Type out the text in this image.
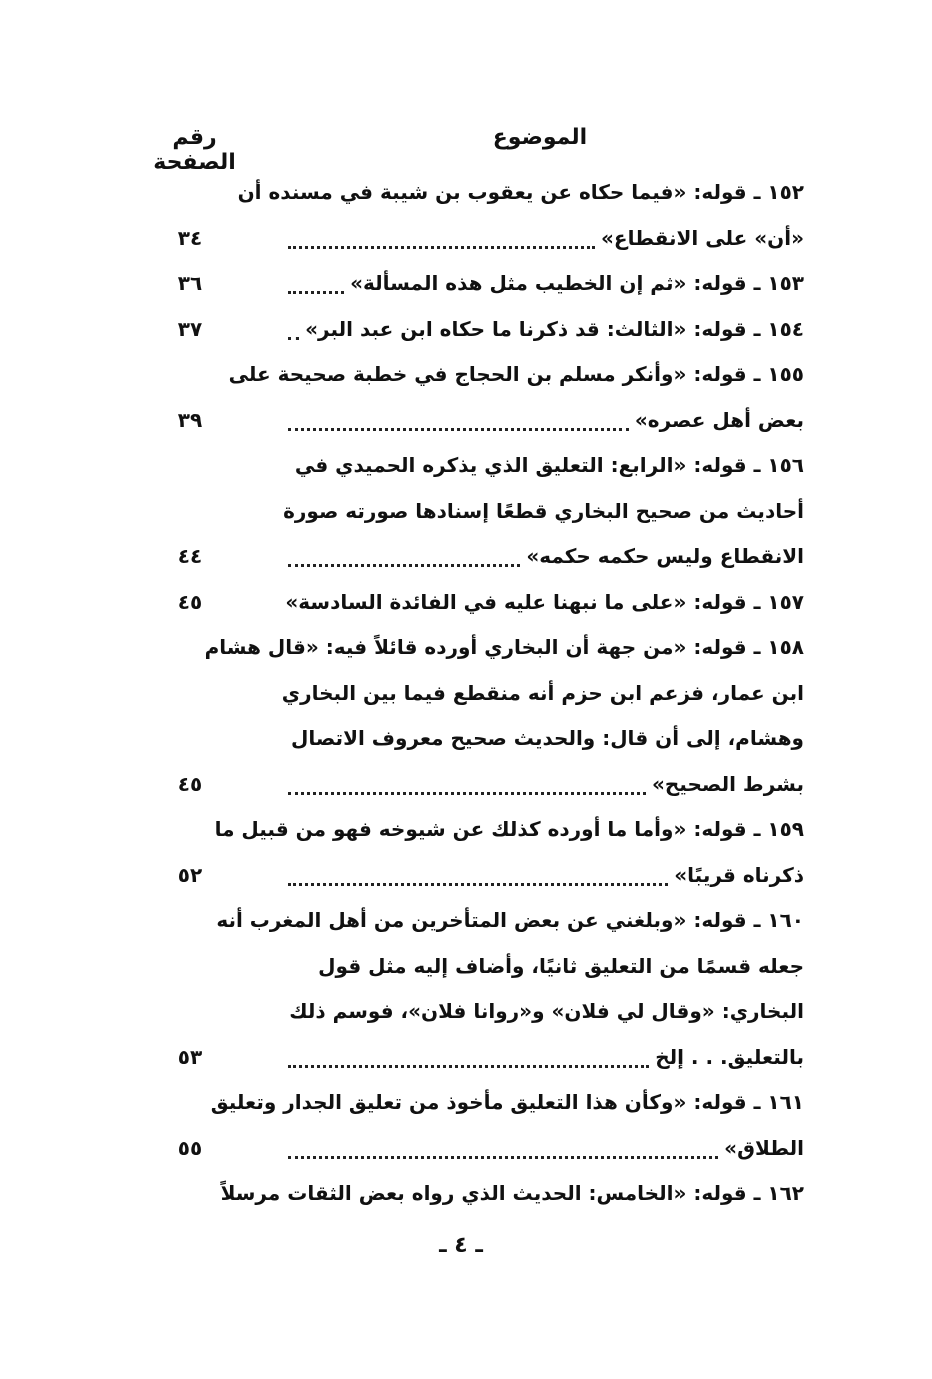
الموضوع
رقم الصفحة
١٥٢ ـ قوله: «فيما حكاه عن يعقوب بن شيبة في مسنده أن
«أن» على الانقطاع»
٣٤
١٥٣ ـ قوله: «ثم إن الخطيب مثل هذه المسألة»
٣٦
١٥٤ ـ قوله: «الثالث: قد ذكرنا ما حكاه ابن عبد البر»
٣٧
١٥٥ ـ قوله: «وأنكر مسلم بن الحجاج في خطبة صحيحة على
بعض أهل عصره»
٣٩
١٥٦ ـ قوله: «الرابع: التعليق الذي يذكره الحميدي في
أحاديث من صحيح البخاري قطعًا إسنادها صورته صورة
الانقطاع وليس حكمه حكمه»
٤٤
١٥٧ ـ قوله: «على ما نبهنا عليه في الفائدة السادسة»
٤٥
١٥٨ ـ قوله: «من جهة أن البخاري أورده قائلاً فيه: «قال هشام
ابن عمار، فزعم ابن حزم أنه منقطع فيما بين البخاري
وهشام، إلى أن قال: والحديث صحيح معروف الاتصال
بشرط الصحيح»
٤٥
١٥٩ ـ قوله: «وأما ما أورده كذلك عن شيوخه فهو من قبيل ما
ذكرناه قريبًا»
٥٢
١٦٠ ـ قوله: «وبلغني عن بعض المتأخرين من أهل المغرب أنه
جعله قسمًا من التعليق ثانيًا، وأضاف إليه مثل قول
البخاري: «وقال لي فلان» و«روانا فلان»، فوسم ذلك
بالتعليق. . . إلخ
٥٣
١٦١ ـ قوله: «وكأن هذا التعليق مأخوذ من تعليق الجدار وتعليق
الطلاق»
٥٥
١٦٢ ـ قوله: «الخامس: الحديث الذي رواه بعض الثقات مرسلاً
ـ ٤ ـ
